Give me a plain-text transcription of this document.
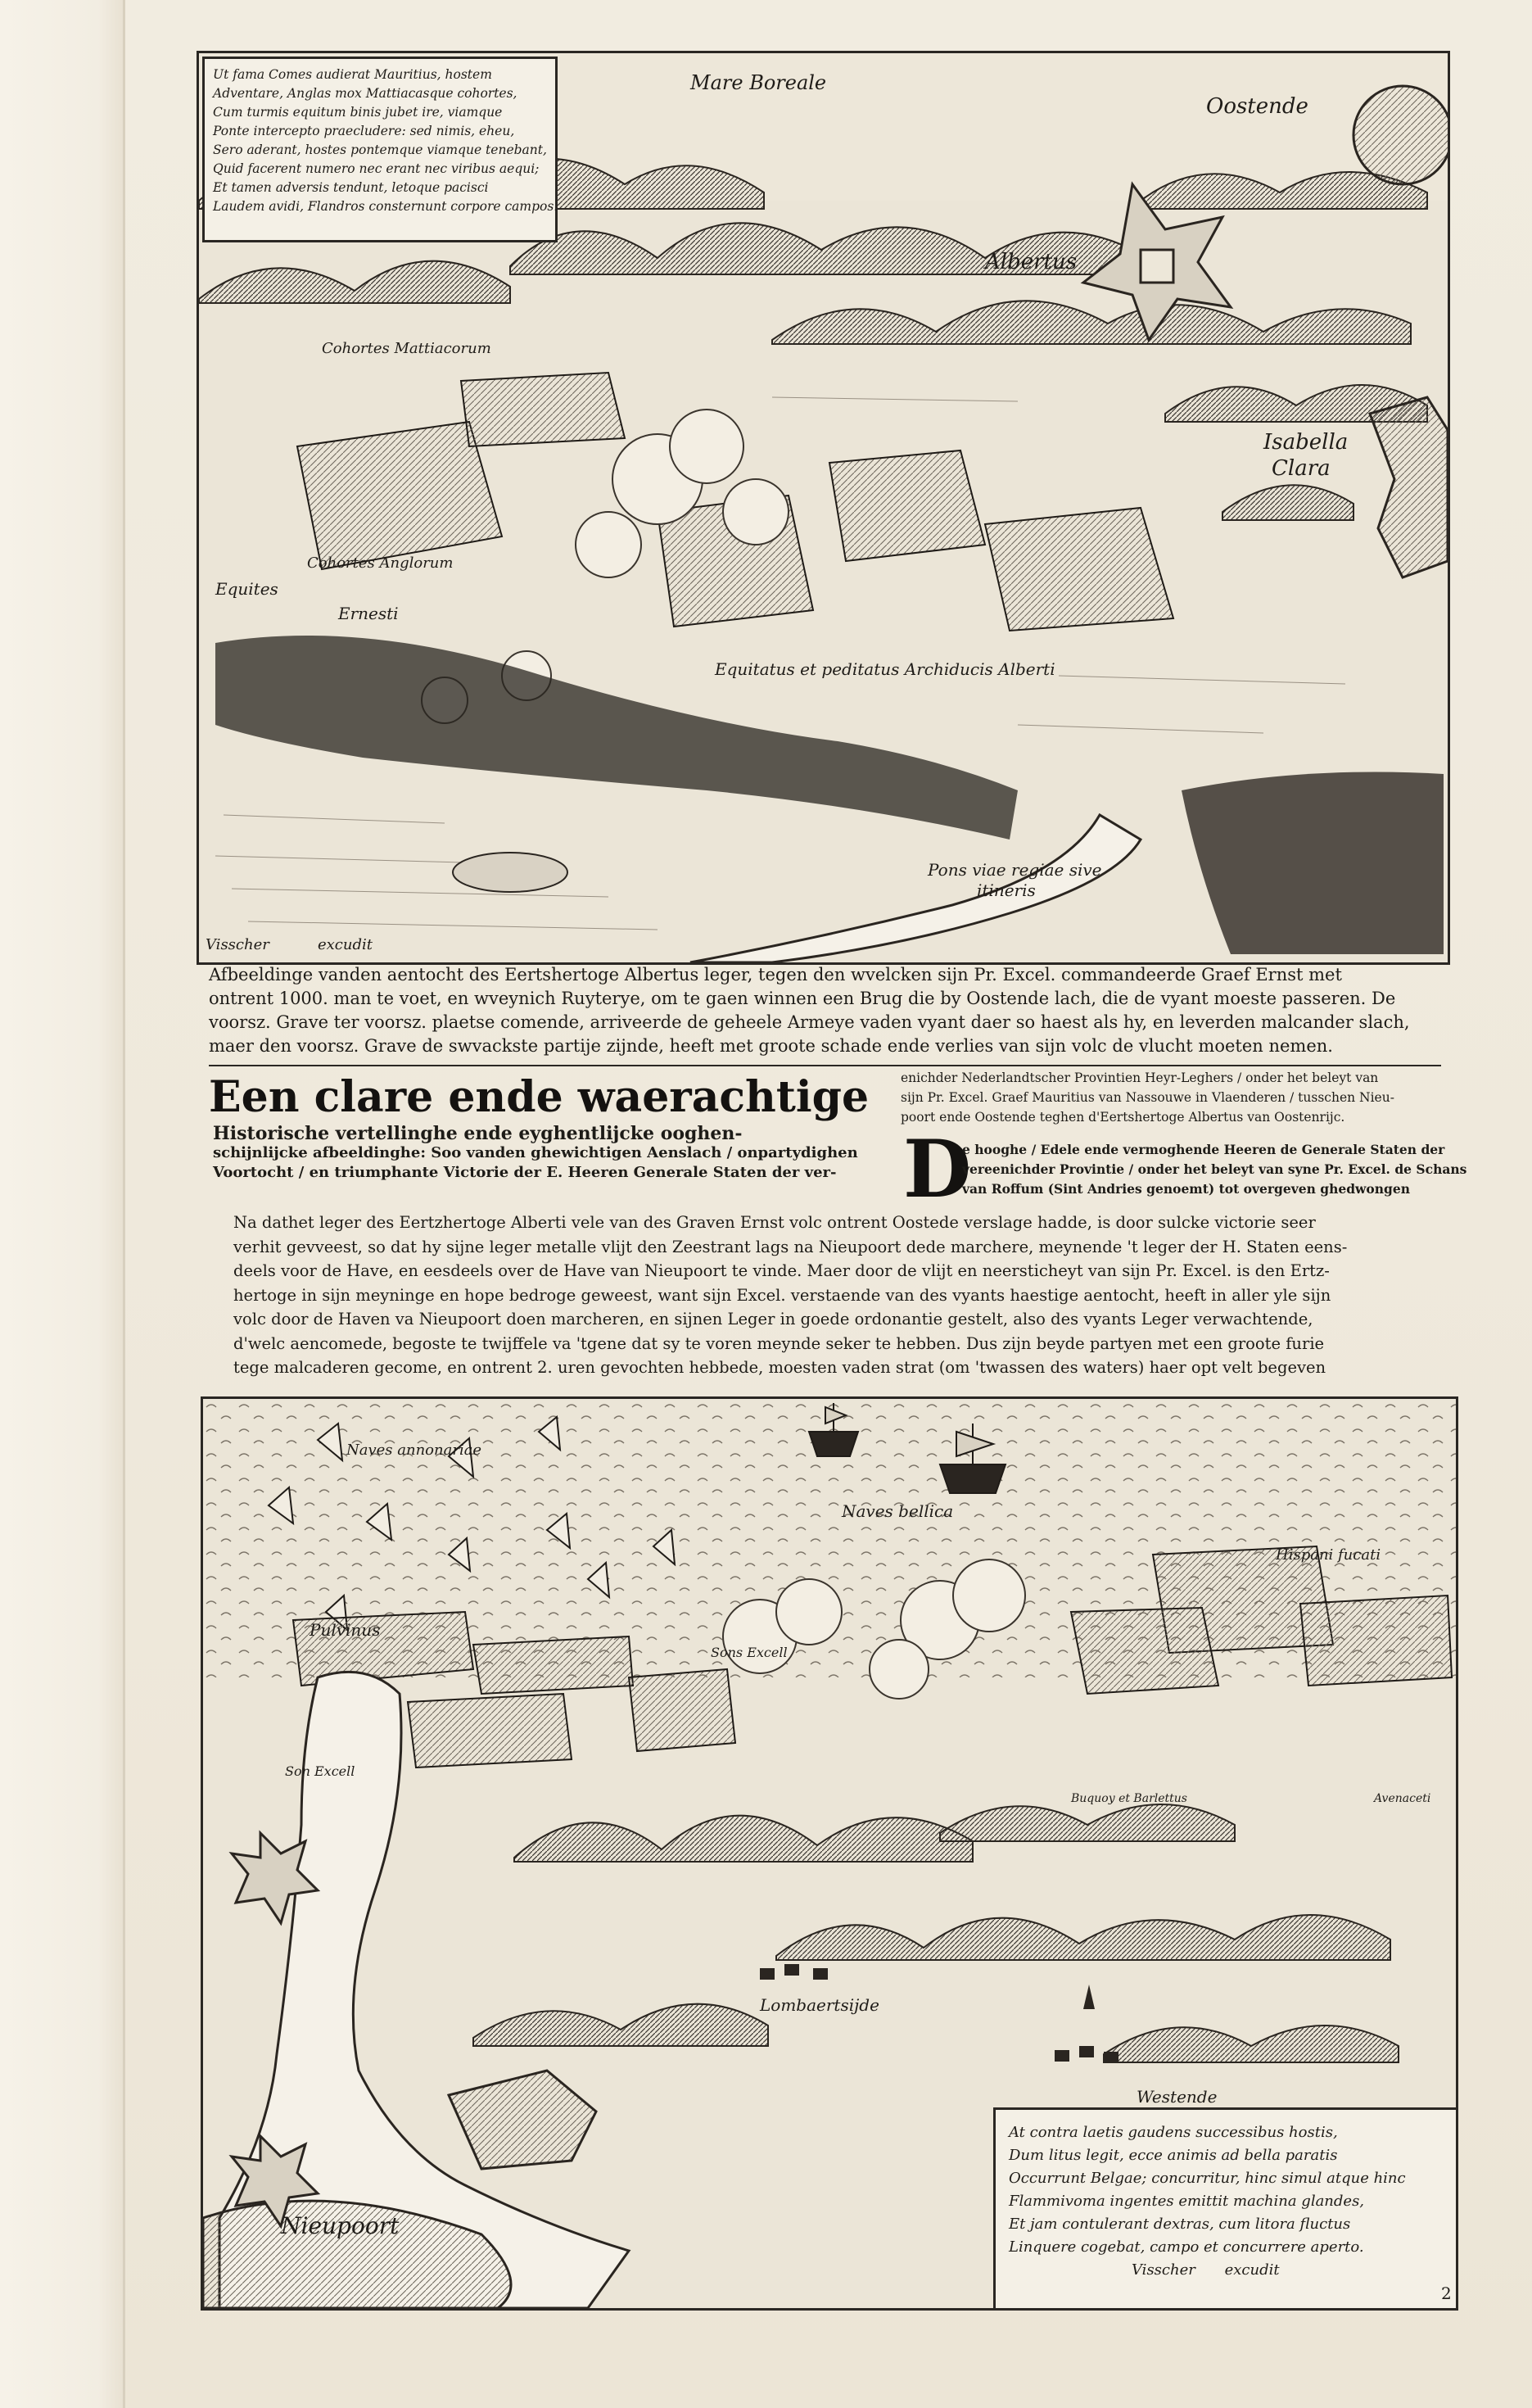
Ut fama Comes audierat Mauritius, hostem
Adventare, Anglas mox Mattiacasque cohortes,
Cum turmis equitum binis jubet ire, viamque
Ponte intercepto praecludere: sed nimis, eheu,
Sero aderant, hostes pontemque viamque tenebant,
Quid facerent numero nec erant nec viribus aequi;
Et tamen adversis tendunt, letoque pacisci
Laudem avidi, Flandros consternunt corpore campos.
Mare Boreale
Oostende
Albertus
Isabella
Clara
Cohortes Mattiacorum
Cohortes Anglorum
Equites
Ernesti
Equitatus et peditatus Archiducis Alberti
Pons viae regiae sive
itineris
Visscher	excudit
Afbeeldinge vanden aentocht des Eertshertoge Albertus leger, tegen den wvelcken sijn Pr. Excel. commandeerde Graef Ernst met
ontrent 1000. man te voet, en wveynich Ruyterye, om te gaen winnen een Brug die by Oostende lach, die de vyant moeste passeren. De
voorsz. Grave ter voorsz. plaetse comende, arriveerde de geheele Armeye vaden vyant daer so haest als hy, en leverden malcander slach,
maer den voorsz. Grave de swvackste partije zijnde, heeft met groote schade ende verlies van sijn volc de vlucht moeten nemen.
Een clare ende waerachtige
Historische vertellinghe ende eyghentlijcke ooghen-
schijnlijcke afbeeldinghe: Soo vanden ghewichtigen Aenslach / onpartydighen
Voortocht / en triumphante Victorie der E. Heeren Generale Staten der ver-
enichder Nederlandtscher Provintien Heyr-Leghers / onder het beleyt van
sijn Pr. Excel. Graef Mauritius van Nassouwe in Vlaenderen / tusschen Nieu-
poort ende Oostende teghen d'Eertshertoge Albertus van Oostenrijc.
D
e hooghe / Edele ende vermoghende Heeren de Generale Staten der
vereenichder Provintie / onder het beleyt van syne Pr. Excel. de Schans
van Roffum (Sint Andries genoemt) tot overgeven ghedwongen
Na dathet leger des Eertzhertoge Alberti vele van des Graven Ernst volc ontrent Oostede verslage hadde, is door sulcke victorie seer
verhit gevveest, so dat hy sijne leger metalle vlijt den Zeestrant lags na Nieupoort dede marchere, meynende 't leger der H. Staten eens-
deels voor de Have, en eesdeels over de Have van Nieupoort te vinde. Maer door de vlijt en neersticheyt van sijn Pr. Excel. is den Ertz-
hertoge in sijn meyninge en hope bedroge geweest, want sijn Excel. verstaende van des vyants haestige aentocht, heeft in aller yle sijn
volc door de Haven va Nieupoort doen marcheren, en sijnen Leger in goede ordonantie gestelt, also des vyants Leger verwachtende,
d'welc aencomede, begoste te twijffele va 'tgene dat sy te voren meynde seker te hebben. Dus zijn beyde partyen met een groote furie
tege malcaderen gecome, en ontrent 2. uren gevochten hebbede, moesten vaden strat (om 'twassen des waters) haer opt velt begeven
Naves annonariae
Naves bellica
Hispani fucati
Pulvinus
Sons Excell
Son Excell
Buquoy et Barlettus	Avenaceti
Lombaertsijde
Westende
Nieupoort
At contra laetis gaudens successibus hostis,
Dum litus legit, ecce animis ad bella paratis
Occurrunt Belgae; concurritur, hinc simul atque hinc
Flammivoma ingentes emittit machina glandes,
Et jam contulerant dextras, cum litora fluctus
Linquere cogebat, campo et concurrere aperto.
Visscher excudit
2
